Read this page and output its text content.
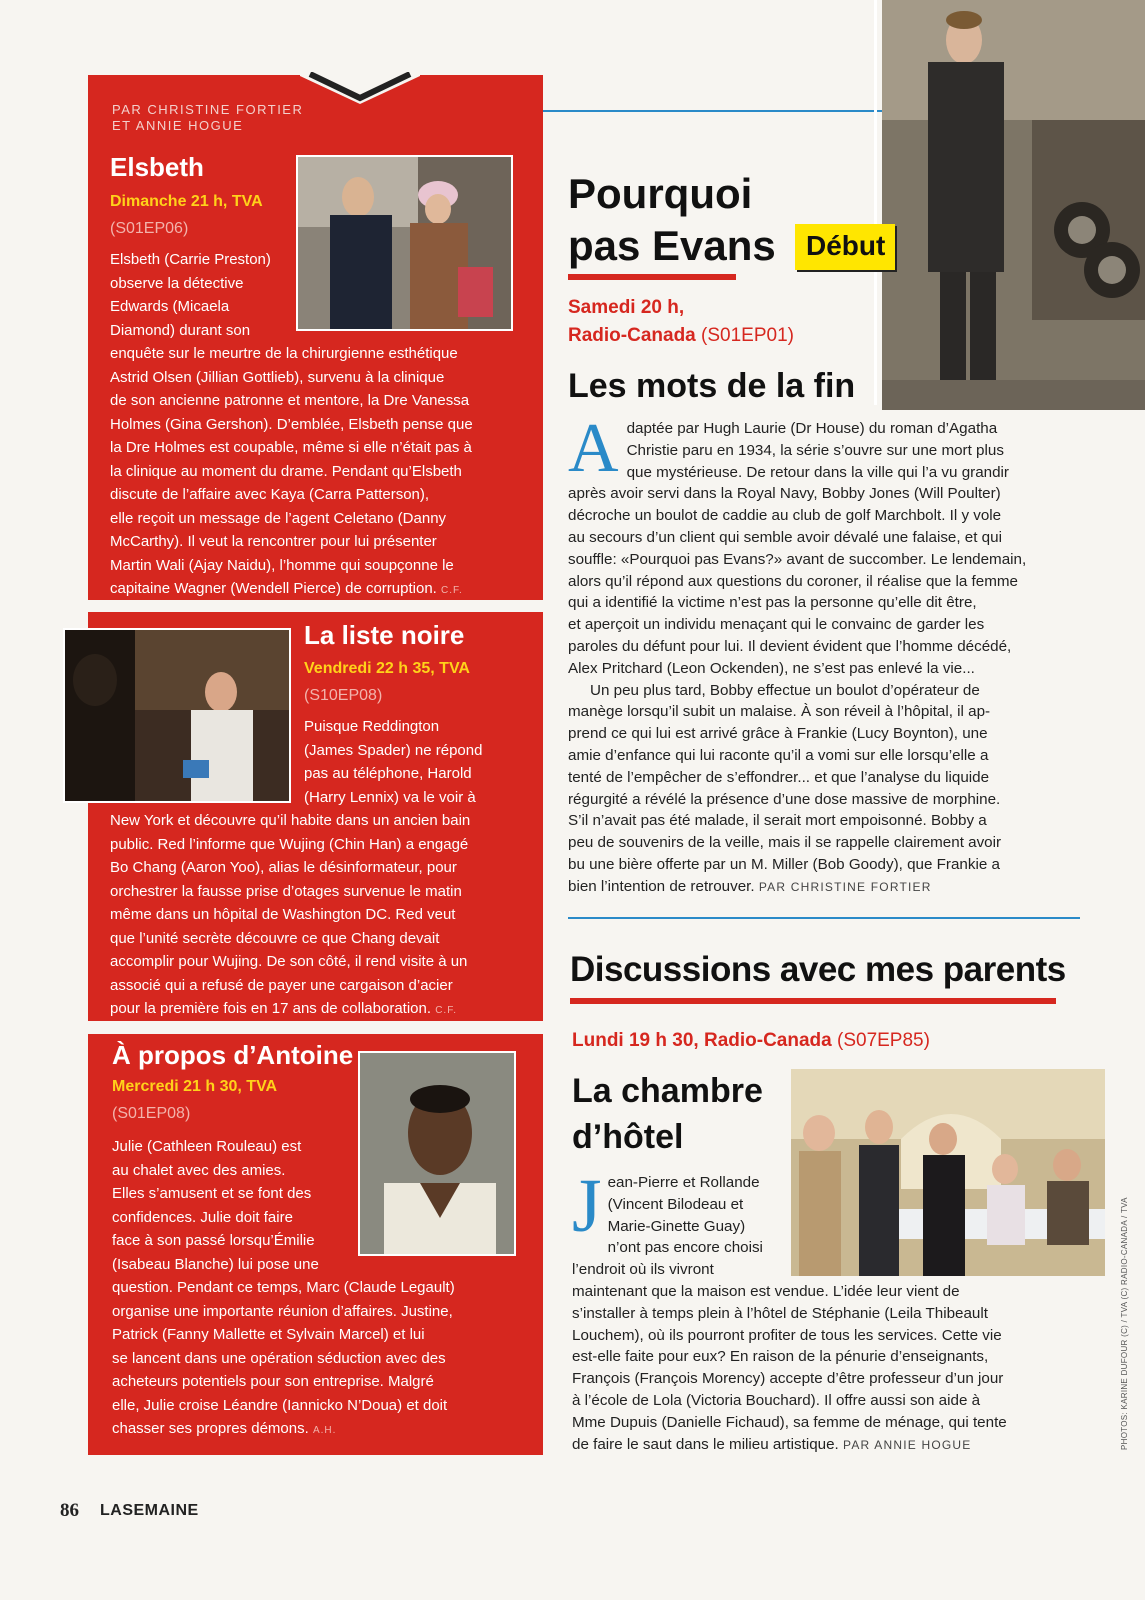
PAR CHRISTINE FORTIER
ET ANNIE HOGUE
Elsbeth
Dimanche 21 h, TVA
(S01EP06)

Elsbeth (Carrie Preston)

observe la détective

Edwards (Micaela

Diamond) durant son

enquête sur le meurtre de la chirurgienne esthétique

Astrid Olsen (Jillian Gottlieb), survenu à la clinique

de son ancienne patronne et mentore, la Dre Vanessa

Holmes (Gina Gershon). D’emblée, Elsbeth pense que

la Dre Holmes est coupable, même si elle n’était pas à

la clinique au moment du drame. Pendant qu’Elsbeth

discute de l’affaire avec Kaya (Carra Patterson),

elle reçoit un message de l’agent Celetano (Danny

McCarthy). Il veut la rencontrer pour lui présenter

Martin Wali (Ajay Naidu), l’homme qui soupçonne le

capitaine Wagner (Wendell Pierce) de corruption. C.F.

La liste noire
Vendredi 22 h 35, TVA
(S10EP08)

Puisque Reddington

(James Spader) ne répond

pas au téléphone, Harold

(Harry Lennix) va le voir à

New York et découvre qu’il habite dans un ancien bain

public. Red l’informe que Wujing (Chin Han) a engagé

Bo Chang (Aaron Yoo), alias le désinformateur, pour

orchestrer la fausse prise d’otages survenue le matin

même dans un hôpital de Washington DC. Red veut

que l’unité secrète découvre ce que Chang devait

accomplir pour Wujing. De son côté, il rend visite à un

associé qui a refusé de payer une cargaison d’acier

pour la première fois en 17 ans de collaboration. C.F.

À propos d’Antoine
Mercredi 21 h 30, TVA
(S01EP08)

Julie (Cathleen Rouleau) est

au chalet avec des amies.

Elles s’amusent et se font des

confidences. Julie doit faire

face à son passé lorsqu’Émilie

(Isabeau Blanche) lui pose une

question. Pendant ce temps, Marc (Claude Legault)

organise une importante réunion d’affaires. Justine,

Patrick (Fanny Mallette et Sylvain Marcel) et lui

se lancent dans une opération séduction avec des

acheteurs potentiels pour son entreprise. Malgré

elle, Julie croise Léandre (Iannicko N’Doua) et doit

chasser ses propres démons. A.H.

Pourquoi
pas Evans Début
Samedi 20 h,
Radio-Canada (S01EP01)
Les mots de la fin
A daptée par Hugh Laurie (Dr House) du roman d’Agatha

Christie paru en 1934, la série s’ouvre sur une mort plus

que mystérieuse. De retour dans la ville qui l’a vu grandir

après avoir servi dans la Royal Navy, Bobby Jones (Will Poulter)

décroche un boulot de caddie au club de golf Marchbolt. Il y vole

au secours d’un client qui semble avoir dévalé une falaise, et qui

souffle: «Pourquoi pas Evans?» avant de succomber. Le lendemain,

alors qu’il répond aux questions du coroner, il réalise que la femme

qui a identifié la victime n’est pas la personne qu’elle dit être,

et aperçoit un individu menaçant qui le convainc de garder les

paroles du défunt pour lui. Il devient évident que l’homme décédé,

Alex Pritchard (Leon Ockenden), ne s’est pas enlevé la vie...

Un peu plus tard, Bobby effectue un boulot d’opérateur de

manège lorsqu’il subit un malaise. À son réveil à l’hôpital, il ap-

prend ce qui lui est arrivé grâce à Frankie (Lucy Boynton), une

amie d’enfance qui lui raconte qu’il a vomi sur elle lorsqu’elle a

tenté de l’empêcher de s’effondrer... et que l’analyse du liquide

régurgité a révélé la présence d’une dose massive de morphine.

S’il n’avait pas été malade, il serait mort empoisonné. Bobby a

peu de souvenirs de la veille, mais il se rappelle clairement avoir

bu une bière offerte par un M. Miller (Bob Goody), que Frankie a

bien l’intention de retrouver. PAR CHRISTINE FORTIER

Discussions avec mes parents
Lundi 19 h 30, Radio-Canada (S07EP85)
La chambre
d’hôtel
J ean-Pierre et Rollande

(Vincent Bilodeau et

Marie-Ginette Guay)

n’ont pas encore choisi

l’endroit où ils vivront

maintenant que la maison est vendue. L’idée leur vient de

s’installer à temps plein à l’hôtel de Stéphanie (Leila Thibeault

Louchem), où ils pourront profiter de tous les services. Cette vie

est-elle faite pour eux? En raison de la pénurie d’enseignants,

François (François Morency) accepte d’être professeur d’un jour

à l’école de Lola (Victoria Bouchard). Il offre aussi son aide à

Mme Dupuis (Danielle Fichaud), sa femme de ménage, qui tente

de faire le saut dans le milieu artistique. PAR ANNIE HOGUE	PHOTOS: KARINE DUFOUR (C) / TVA (C) RADIO-CANADA / TVA
86 LASEMAINE
